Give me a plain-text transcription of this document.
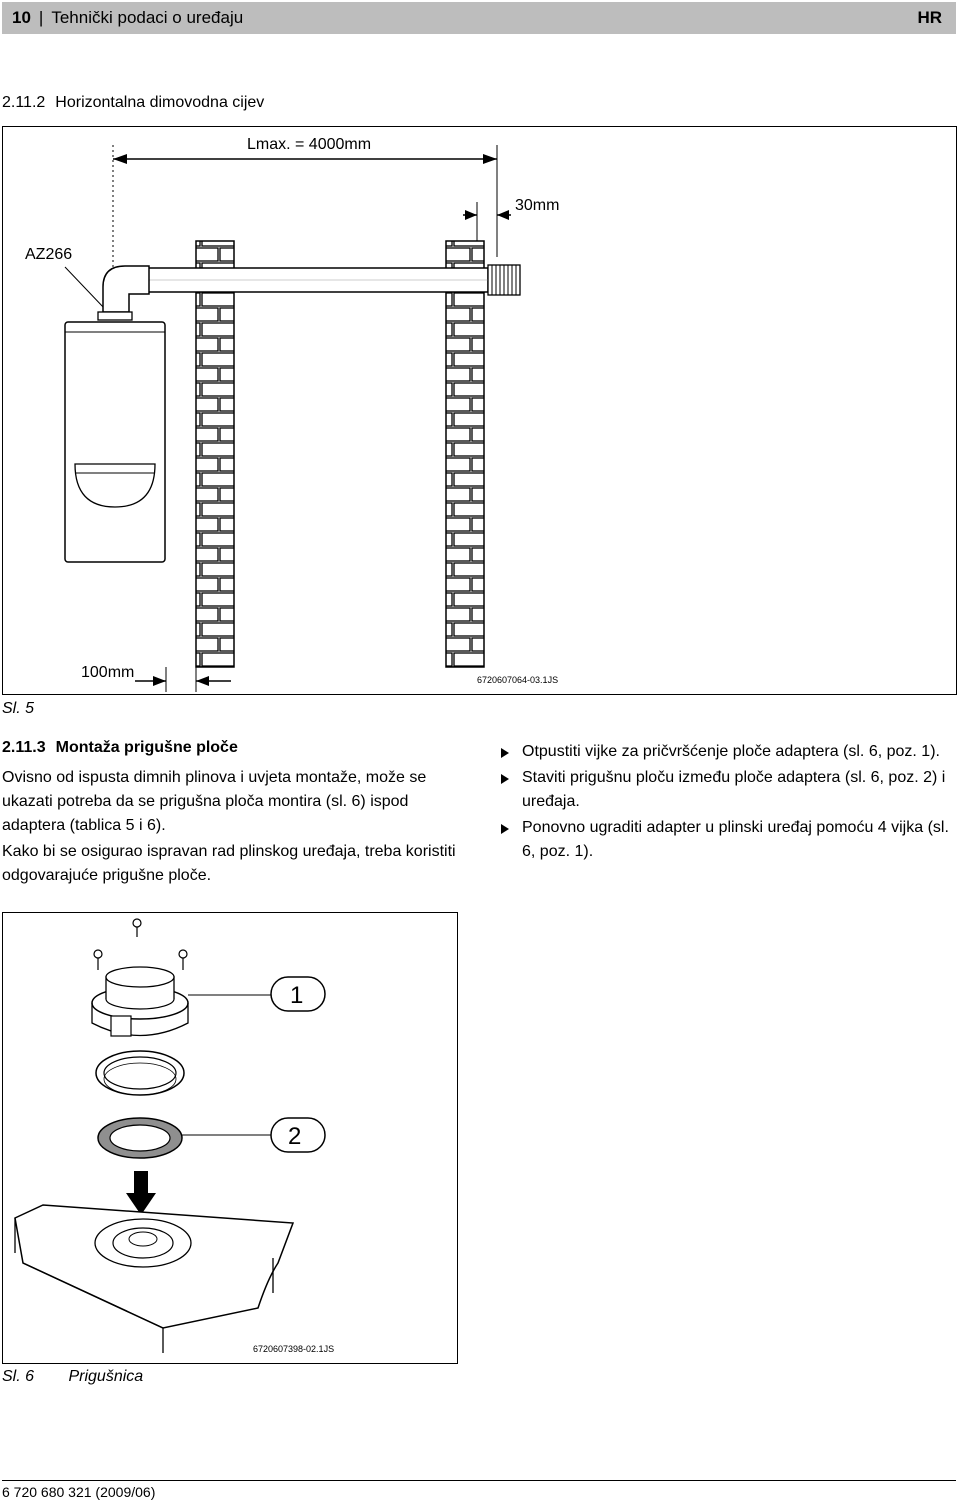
10 | Tehnički podaci o uređaju	HR
2.11.2 Horizontalna dimovodna cijev
Lmax. = 4000mm
30mm
AZ266
100mm	6720607064-03.1JS
Sl. 5
2.11.3 Montaža prigušne ploče

Ovisno od ispusta dimnih plinova i uvjeta montaže, može se ukazati potreba da se prigušna ploča montira (sl. 6) ispod adaptera (tablica 5 i 6).

Kako bi se osigurao ispravan rad plinskog uređaja, treba koristiti odgovarajuće prigušne ploče.

Otpustiti vijke za pričvršćenje ploče adaptera (sl. 6, poz. 1).

Staviti prigušnu ploču između ploče adaptera (sl. 6, poz. 2) i uređaja.

Ponovno ugraditi adapter u plinski uređaj pomoću 4 vijka (sl. 6, poz. 1).

1
2
6720607398-02.1JS
Sl. 6 Prigušnica
6 720 680 321 (2009/06)
